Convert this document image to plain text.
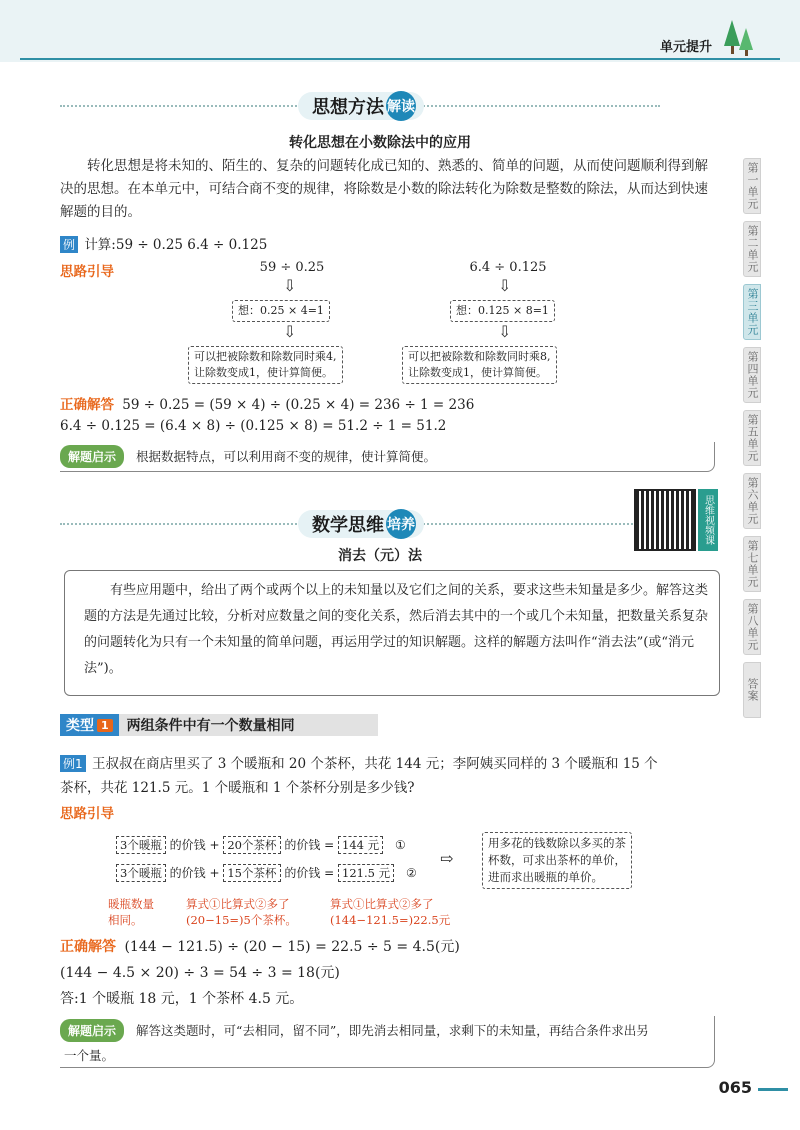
单元提升
第一单元
第二单元
第三单元
第四单元
第五单元
第六单元
第七单元
第八单元
答案
思想方法 解读
转化思想在小数除法中的应用
转化思想是将未知的、陌生的、复杂的问题转化成已知的、熟悉的、简单的问题，从而使问题顺利得到解决的思想。在本单元中，可结合商不变的规律，将除数是小数的除法转化为除数是整数的除法，从而达到快速解题的目的。
例 计算:59 ÷ 0.25 6.4 ÷ 0.125
思路引导	59 ÷ 0.25
⇩
想：0.25 × 4=1
⇩
可以把被除数和除数同时乘4,
让除数变成1，使计算简便。
6.4 ÷ 0.125
⇩
想：0.125 × 8=1
⇩
可以把被除数和除数同时乘8,
让除数变成1，使计算简便。
正确解答 59 ÷ 0.25 = (59 × 4) ÷ (0.25 × 4) = 236 ÷ 1 = 236
6.4 ÷ 0.125 = (6.4 × 8) ÷ (0.125 × 8) = 51.2 ÷ 1 = 51.2
解题启示	根据数据特点，可以利用商不变的规律，使计算简便。
数学思维 培养	思维视频课
消去（元）法
有些应用题中，给出了两个或两个以上的未知量以及它们之间的关系，要求这些未知量是多少。解答这类题的方法是先通过比较，分析对应数量之间的变化关系，然后消去其中的一个或几个未知量，把数量关系复杂的问题转化为只有一个未知量的简单问题，再运用学过的知识解题。这样的解题方法叫作“消去法”(或“消元法”)。
类型 1 两组条件中有一个数量相同
例1 王叔叔在商店里买了 3 个暖瓶和 20 个茶杯，共花 144 元；李阿姨买同样的 3 个暖瓶和 15 个
茶杯，共花 121.5 元。1 个暖瓶和 1 个茶杯分别是多少钱?
思路引导
3个暖瓶 的价钱 + 20个茶杯 的价钱 = 144 元 ①
3个暖瓶 的价钱 + 15个茶杯 的价钱 = 121.5 元 ②
⇨
用多花的钱数除以多买的茶
杯数，可求出茶杯的单价，
进而求出暖瓶的单价。
暖瓶数量
相同。
算式①比算式②多了
(20−15=)5个茶杯。
算式①比算式②多了
(144−121.5=)22.5元
正确解答 (144 − 121.5) ÷ (20 − 15) = 22.5 ÷ 5 = 4.5(元)
(144 − 4.5 × 20) ÷ 3 = 54 ÷ 3 = 18(元)
答:1 个暖瓶 18 元，1 个茶杯 4.5 元。
解题启示	解答这类题时，可“去相同，留不同”，即先消去相同量，求剩下的未知量，再结合条件求出另
一个量。
065
